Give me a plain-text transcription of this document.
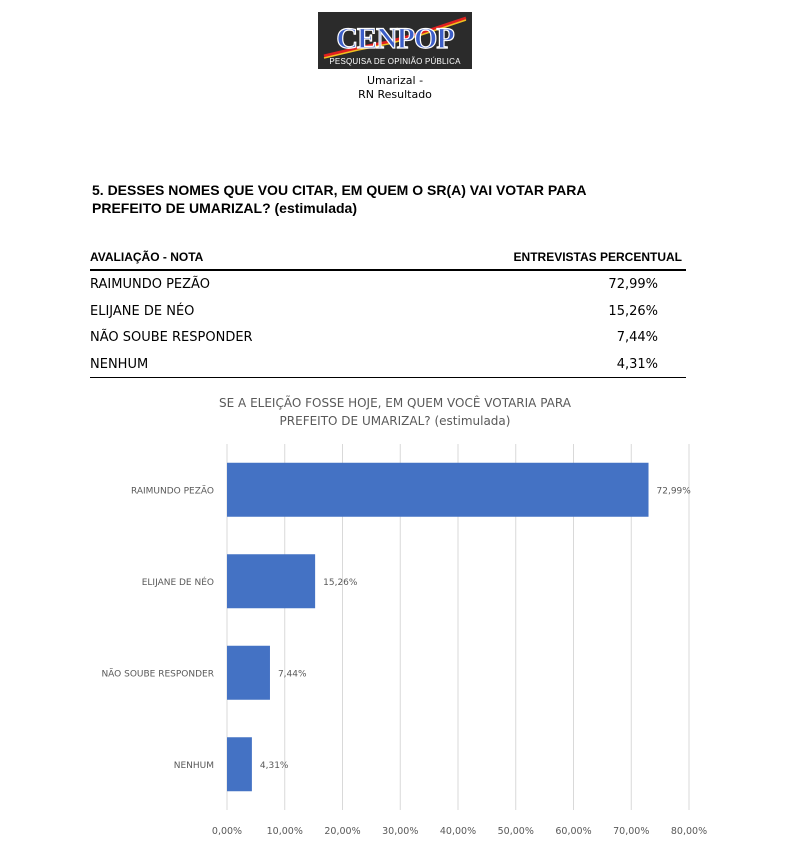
CENPOP
PESQUISA DE OPINIÃO PÚBLICA
Umarizal -
RN Resultado
5. DESSES NOMES QUE VOU CITAR, EM QUEM O SR(A) VAI VOTAR PARA
PREFEITO DE UMARIZAL? (estimulada)
AVALIAÇÃO - NOTA	ENTREVISTAS PERCENTUAL
RAIMUNDO PEZÃO	72,99%
ELIJANE DE NÉO	15,26%
NÃO SOUBE RESPONDER	7,44%
NENHUM	4,31%
SE A ELEIÇÃO FOSSE HOJE, EM QUEM VOCÊ VOTARIA PARA
PREFEITO DE UMARIZAL? (estimulada)
0,00%	10,00% 20,00% 30,00% 40,00% 50,00% 60,00% 70,00% 80,00%
RAIMUNDO PEZÃO	72,99%
ELIJANE DE NÉO	15,26%
NÃO SOUBE RESPONDER	7,44%
NENHUM	4,31%
